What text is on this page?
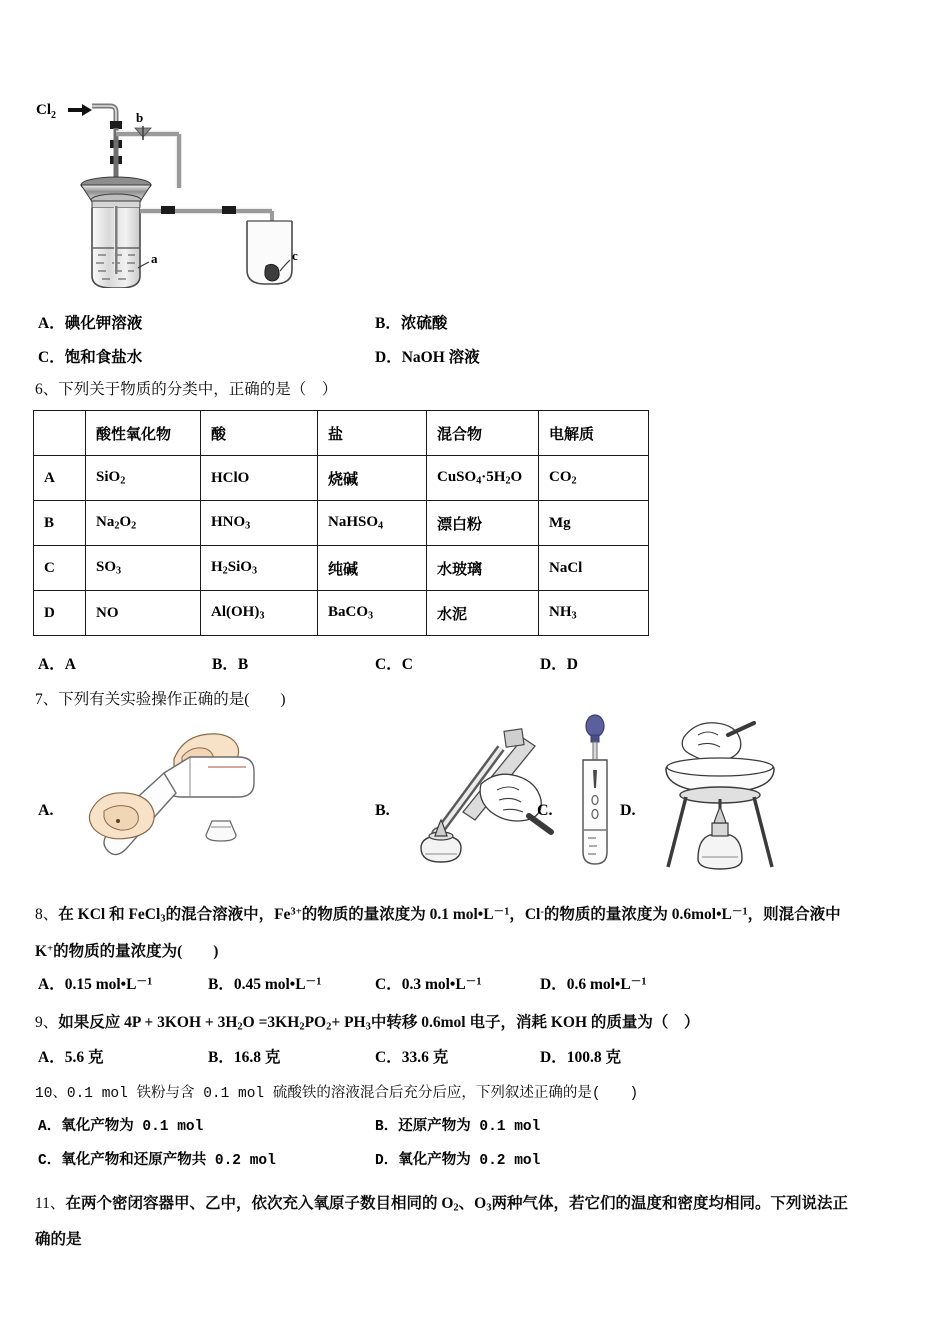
$Cl_2$	b
a	c
A．碘化钾溶液	B．浓硫酸
C．饱和食盐水	D．NaOH 溶液
6、下列关于物质的分类中，正确的是（　）
	酸性氧化物	酸	盐	混合物	电解质
A	SiO$_2$	HClO	烧碱	$CuSO_4\cdot 5H_2O$	$CO_2$
B	$Na_2O_2$	$HNO_3$	NaHSO$_4$	漂白粉	Mg
C	$SO_3$	$H_2SiO_3$	纯碱	水玻璃	NaCl
D	NO	$Al(OH)_3$	BaCO$_3$	水泥	$NH_3$
A．A	B．B	C．C	D．D
7、下列有关实验操作正确的是(　　)
A.	B.	C.	D.
8、在 KCl 和 FeCl$_3$的混合溶液中，$Fe^{3+}$的物质的量浓度为 0.1 $mol•L^{-1}$，Cl-的物质的量浓度为 $0.6mol•L^{-1}$，则混合液中
K+的物质的量浓度为(　　)
A．0.15 $mol•L^{-1}$	B．0.45 $mol•L^{-1}$	C．0.3 $mol•L^{-1}$	D．0.6 $mol•L^{-1}$
9、如果反应 $4P + 3KOH + 3H_2O =3KH_2PO_2+ PH_3$中转移 0.6mol 电子，消耗 KOH 的质量为（　）
A．5.6 克	B．16.8 克	C．33.6 克	D．100.8 克
10、0.1 mol 铁粉与含 0.1 mol 硫酸铁的溶液混合后充分后应，下列叙述正确的是(　　)
A．氧化产物为 0.1 mol	B．还原产物为 0.1 mol
C．氧化产物和还原产物共 0.2 mol	D．氧化产物为 0.2 mol
11、在两个密闭容器甲、乙中，依次充入氧原子数目相同的 $O_2$、$O_3$两种气体，若它们的温度和密度均相同。下列说法正
确的是
